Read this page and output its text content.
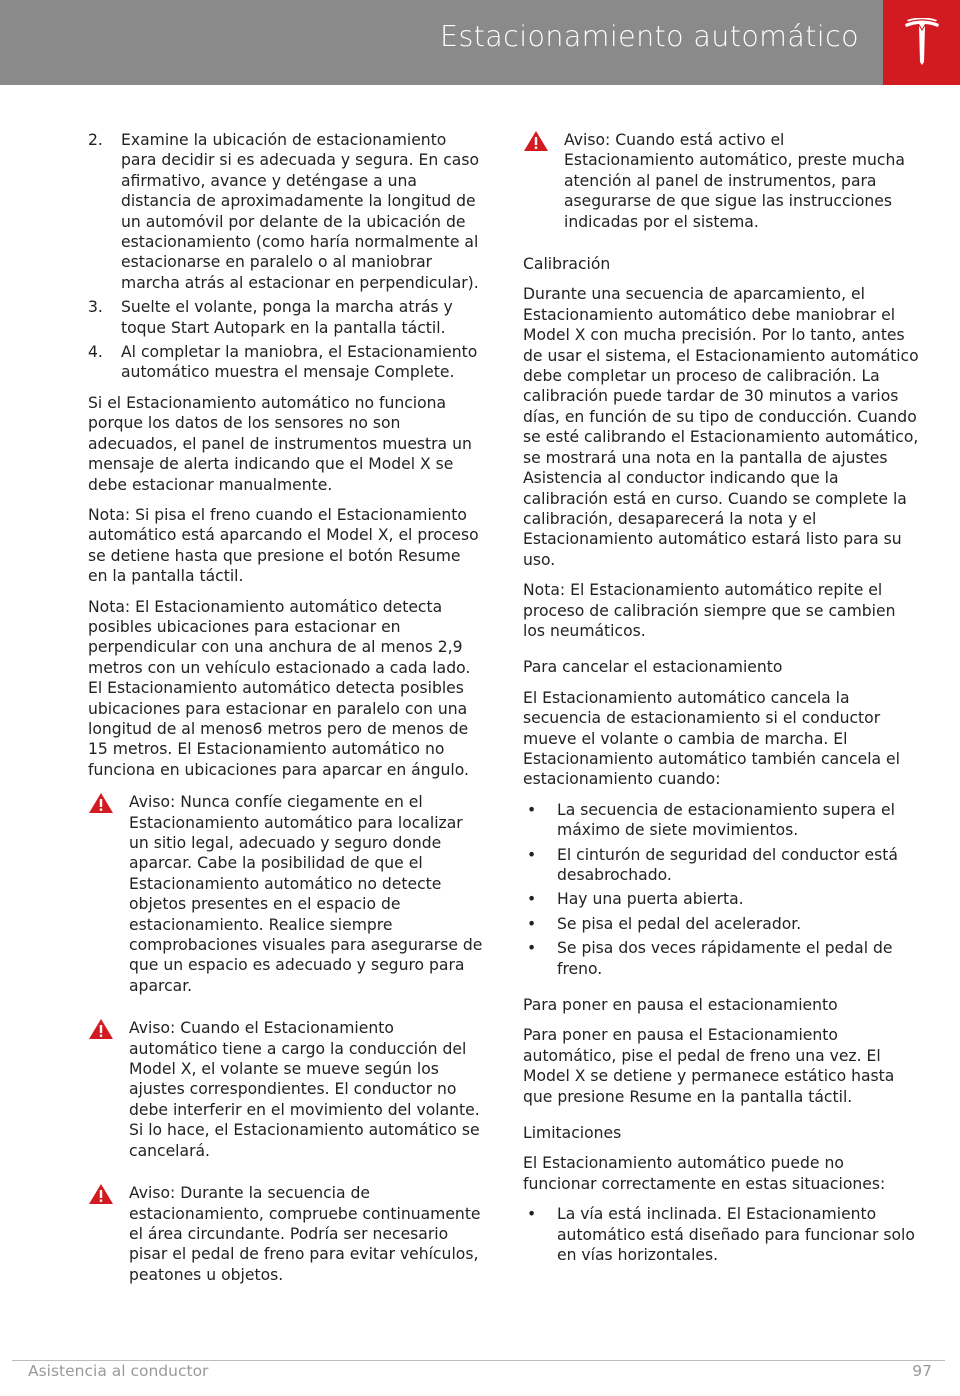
Estacionamiento automático
2. Examine la ubicación de estacionamiento para decidir si es adecuada y segura. En caso afirmativo, avance y deténgase a una distancia de aproximadamente la longitud de un automóvil por delante de la ubicación de estacionamiento (como haría normalmente al estacionarse en paralelo o al maniobrar marcha atrás al estacionar en perpendicular).
3. Suelte el volante, ponga la marcha atrás y toque Start Autopark en la pantalla táctil.
4. Al completar la maniobra, el Estacionamiento automático muestra el mensaje Complete.

Si el Estacionamiento automático no funciona porque los datos de los sensores no son adecuados, el panel de instrumentos muestra un mensaje de alerta indicando que el Model X se debe estacionar manualmente.

Nota: Si pisa el freno cuando el Estacionamiento automático está aparcando el Model X, el proceso se detiene hasta que presione el botón Resume en la pantalla táctil.

Nota: El Estacionamiento automático detecta posibles ubicaciones para estacionar en perpendicular con una anchura de al menos 2,9 metros con un vehículo estacionado a cada lado. El Estacionamiento automático detecta posibles ubicaciones para estacionar en paralelo con una longitud de al menos6 metros pero de menos de 15 metros. El Estacionamiento automático no funciona en ubicaciones para aparcar en ángulo.

Aviso: Nunca confíe ciegamente en el Estacionamiento automático para localizar un sitio legal, adecuado y seguro donde aparcar. Cabe la posibilidad de que el Estacionamiento automático no detecte objetos presentes en el espacio de estacionamiento. Realice siempre comprobaciones visuales para asegurarse de que un espacio es adecuado y seguro para aparcar.
Aviso: Cuando el Estacionamiento automático tiene a cargo la conducción del Model X, el volante se mueve según los ajustes correspondientes. El conductor no debe interferir en el movimiento del volante. Si lo hace, el Estacionamiento automático se cancelará.
Aviso: Durante la secuencia de estacionamiento, compruebe continuamente el área circundante. Podría ser necesario pisar el pedal de freno para evitar vehículos, peatones u objetos.
Aviso: Cuando está activo el Estacionamiento automático, preste mucha atención al panel de instrumentos, para asegurarse de que sigue las instrucciones indicadas por el sistema.

Calibración

Durante una secuencia de aparcamiento, el Estacionamiento automático debe maniobrar el Model X con mucha precisión. Por lo tanto, antes de usar el sistema, el Estacionamiento automático debe completar un proceso de calibración. La calibración puede tardar de 30 minutos a varios días, en función de su tipo de conducción. Cuando se esté calibrando el Estacionamiento automático, se mostrará una nota en la pantalla de ajustes Asistencia al conductor indicando que la calibración está en curso. Cuando se complete la calibración, desaparecerá la nota y el Estacionamiento automático estará listo para su uso.

Nota: El Estacionamiento automático repite el proceso de calibración siempre que se cambien los neumáticos.

Para cancelar el estacionamiento

El Estacionamiento automático cancela la secuencia de estacionamiento si el conductor mueve el volante o cambia de marcha. El Estacionamiento automático también cancela el estacionamiento cuando:

• La secuencia de estacionamiento supera el máximo de siete movimientos.
• El cinturón de seguridad del conductor está desabrochado.
• Hay una puerta abierta.
• Se pisa el pedal del acelerador.
• Se pisa dos veces rápidamente el pedal de freno.

Para poner en pausa el estacionamiento

Para poner en pausa el Estacionamiento automático, pise el pedal de freno una vez. El Model X se detiene y permanece estático hasta que presione Resume en la pantalla táctil.

Limitaciones

El Estacionamiento automático puede no funcionar correctamente en estas situaciones:

• La vía está inclinada. El Estacionamiento automático está diseñado para funcionar solo en vías horizontales.
Asistencia al conductor	97
